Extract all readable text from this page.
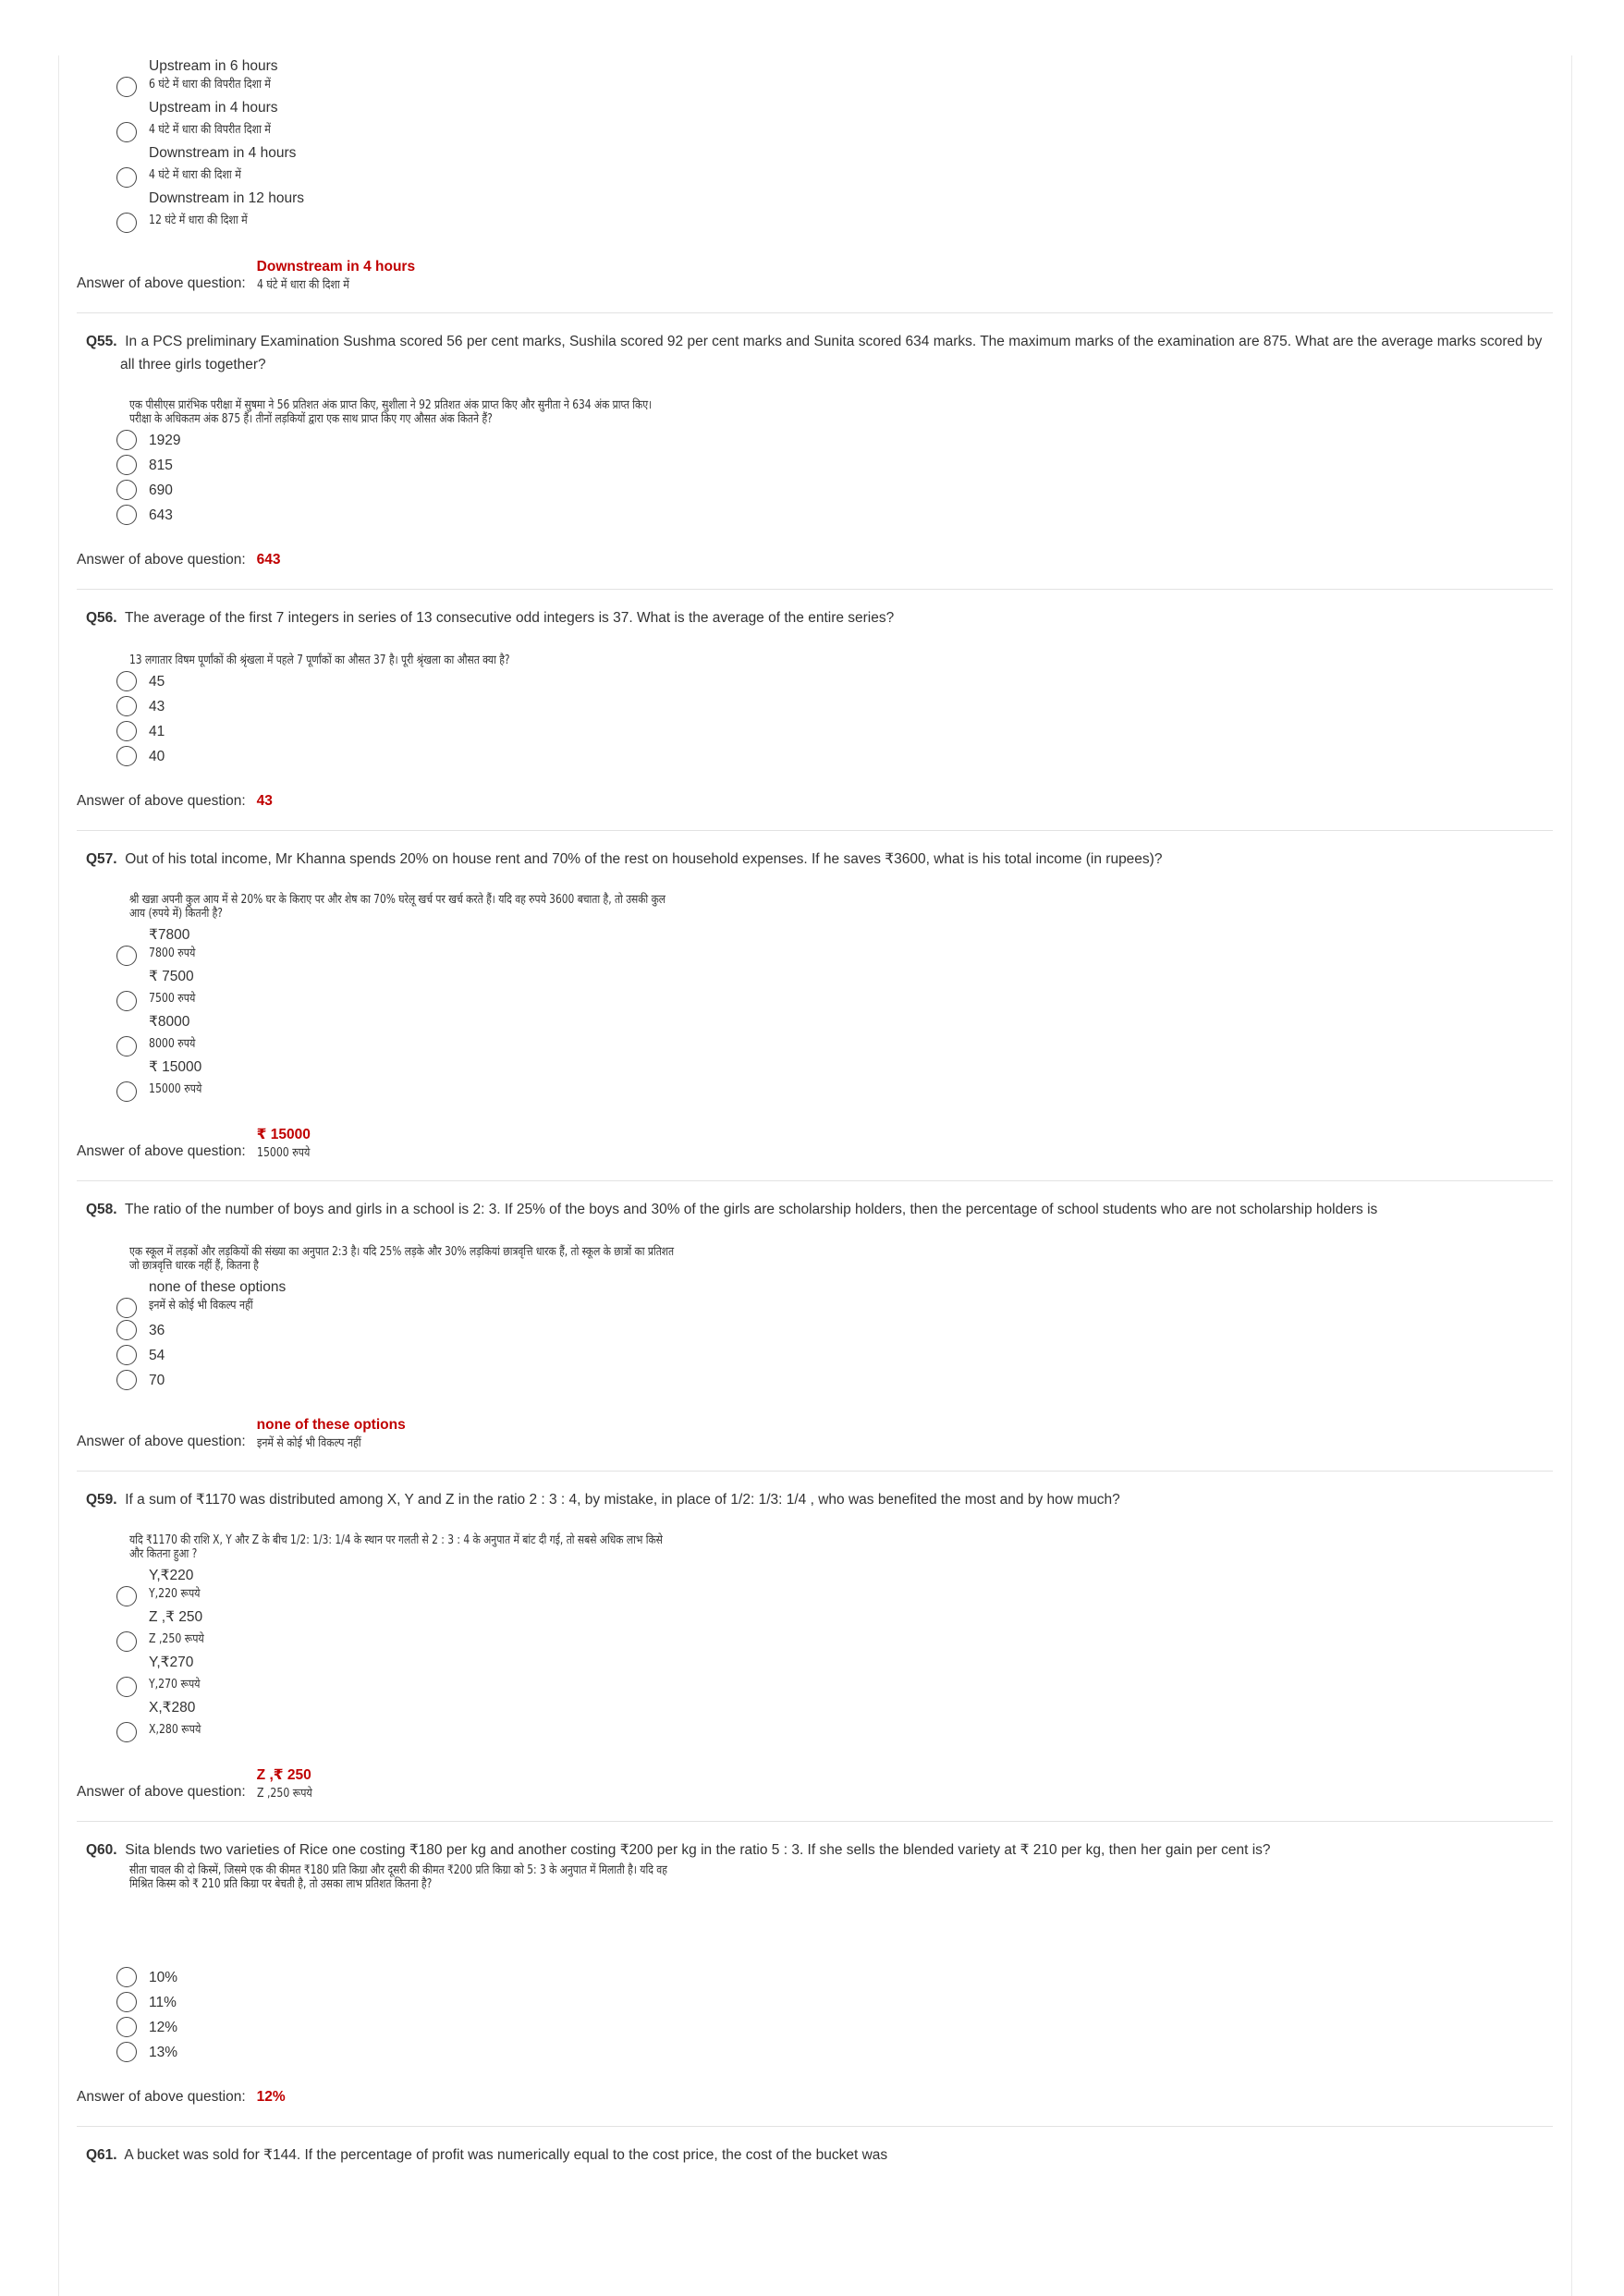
Upstream in 6 hours
6 घंटे में धारा की विपरीत दिशा में
Upstream in 4 hours
4 घंटे में धारा की विपरीत दिशा में
Downstream in 4 hours
4 घंटे में धारा की दिशा में
Downstream in 12 hours
12 घंटे में धारा की दिशा में
Answer of above question:
Downstream in 4 hours
4 घंटे में धारा की दिशा में
Q55. In a PCS preliminary Examination Sushma scored 56 per cent marks, Sushila scored 92 per cent marks and Sunita scored 634 marks. The maximum marks of the examination are 875. What are the average marks scored by all three girls together?
एक पीसीएस प्रारंभिक परीक्षा में सुषमा ने 56 प्रतिशत अंक प्राप्त किए, सुशीला ने 92 प्रतिशत अंक प्राप्त किए और सुनीता ने 634 अंक प्राप्त किए। परीक्षा के अधिकतम अंक 875 हैं। तीनों लड़कियों द्वारा एक साथ प्राप्त किए गए औसत अंक कितने हैं?
1929
815
690
643
Answer of above question: 643
Q56. The average of the first 7 integers in series of 13 consecutive odd integers is 37. What is the average of the entire series?
13 लगातार विषम पूर्णांकों की श्रृंखला में पहले 7 पूर्णांकों का औसत 37 है। पूरी श्रृंखला का औसत क्या है?
45
43
41
40
Answer of above question: 43
Q57. Out of his total income, Mr Khanna spends 20% on house rent and 70% of the rest on household expenses. If he saves ₹3600, what is his total income (in rupees)?
श्री खन्ना अपनी कुल आय में से 20% घर के किराए पर और शेष का 70% घरेलू खर्च पर खर्च करते हैं। यदि वह रुपये 3600 बचाता है, तो उसकी कुल आय (रुपये में) कितनी है?
₹7800
7800 रुपये
₹ 7500
7500 रुपये
₹8000
8000 रुपये
₹ 15000
15000 रुपये
Answer of above question:
₹ 15000
15000 रुपये
Q58. The ratio of the number of boys and girls in a school is 2: 3. If 25% of the boys and 30% of the girls are scholarship holders, then the percentage of school students who are not scholarship holders is
एक स्कूल में लड़कों और लड़कियों की संख्या का अनुपात 2:3 है। यदि 25% लड़के और 30% लड़कियां छात्रवृत्ति धारक हैं, तो स्कूल के छात्रों का प्रतिशत जो छात्रवृत्ति धारक नहीं हैं, कितना है
none of these options
इनमें से कोई भी विकल्प नहीं
36
54
70
Answer of above question:
none of these options
इनमें से कोई भी विकल्प नहीं
Q59. If a sum of ₹1170 was distributed among X, Y and Z in the ratio 2 : 3 : 4, by mistake, in place of 1/2: 1/3: 1/4 , who was benefited the most and by how much?
यदि ₹1170 की राशि X, Y और Z के बीच 1/2: 1/3: 1/4 के स्थान पर गलती से 2 : 3 : 4 के अनुपात में बांट दी गई, तो सबसे अधिक लाभ किसे और कितना हुआ ?
Y,₹220
Y,220 रूपये
Z ,₹ 250
Z ,250 रूपये
Y,₹270
Y,270 रूपये
X,₹280
X,280 रूपये
Answer of above question:
Z ,₹ 250
Z ,250 रूपये
Q60. Sita blends two varieties of Rice one costing ₹180 per kg and another costing ₹200 per kg in the ratio 5 : 3. If she sells the blended variety at ₹ 210 per kg, then her gain per cent is?
सीता चावल की दो किस्में, जिसमे एक की कीमत ₹180 प्रति किग्रा और दूसरी की कीमत ₹200 प्रति किग्रा को 5: 3 के अनुपात में मिलाती है। यदि वह मिश्रित किस्म को ₹ 210 प्रति किग्रा पर बेचती है, तो उसका लाभ प्रतिशत कितना है?
10%
11%
12%
13%
Answer of above question: 12%
Q61. A bucket was sold for ₹144. If the percentage of profit was numerically equal to the cost price, the cost of the bucket was
